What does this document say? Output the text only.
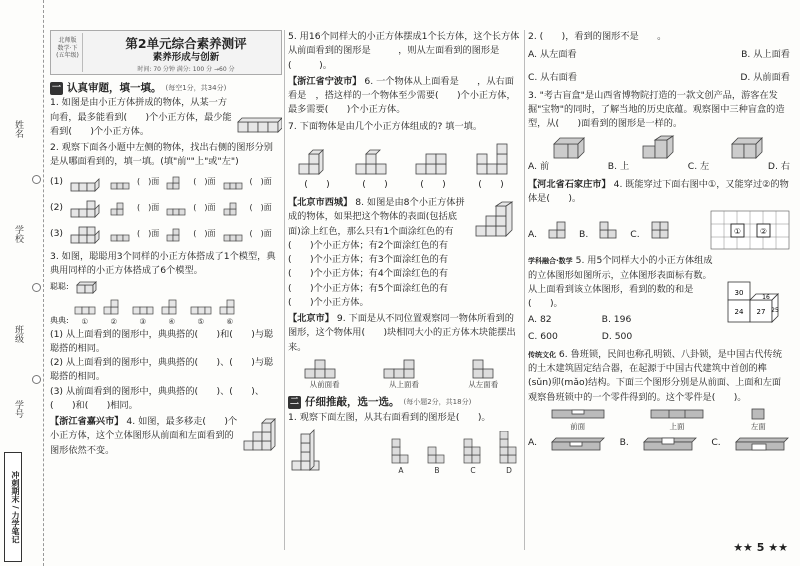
姓名
学校
班级
学号
冲刺期末 / 力学笔记
北师版
数学·下
(五年级)
第2单元综合素养测评
素养形成与创新
时间: 70 分钟 满分: 100 分 →60 分
一 认真审题，填一填。 (每空1分，共34分)
1. 如图是由小正方体拼成的物体，从某一方向看，最多能看到(　　)个小正方体，最少能看到(　　)个小正方体。
2. 观察下面各小题中左侧的物体，找出右侧的图形分别是从哪面看到的，填一填。(填"前""上"或"左")
(1)	(　)面	(　)面	(　)面
(2)	(　)面	(　)面	(　)面
(3)	(　)面	(　)面	(　)面
3. 如图，聪聪用3个同样的小正方体搭成了1个模型，典典用同样的小正方体搭成了6个模型。
聪聪:
典典:	①	②	③	④	⑤	⑥
(1) 从上面看到的图形中，典典搭的(　　)和(　　)与聪聪搭的相同。
(2) 从上面看到的图形中，典典搭的(　　)、(　　)与聪聪搭的相同。
(3) 从前面看到的图形中，典典搭的(　　)、(　　)、(　　)和(　　)相同。
【浙江省嘉兴市】 4. 如图，最多移走(　　)个小正方体，这个立体图形从前面和左面看到的图形依然不变。
5. 用16个同样大的小正方体摆成1个长方体，这个长方体从前面看到的图形是　　　，则从左面看到的图形是(　　　)。
【浙江省宁波市】 6. 一个物体从上面看是　　，从右面看是　，搭这样的一个物体至少需要(　　)个小正方体，最多需要(　　)个小正方体。
7. 下面物体是由几个小正方体组成的? 填一填。
(　　)	(　　)	(　　)	(　　)
【北京市西城】 8. 如图是由8个小正方体拼成的物体，如果把这个物体的表面(包括底面)涂上红色，那么只有1个面涂红色的有(　　)个小正方体；有2个面涂红色的有(　　)个小正方体；有3个面涂红色的有(　　)个小正方体；有4个面涂红色的有(　　)个小正方体；有5个面涂红色的有(　　)个小正方体。
【北京市】 9. 下面是从不同位置观察同一物体所看到的图形，这个物体用(　　)块相同大小的正方体木块能摆出来。
从前面看	从上面看	从左面看
二 仔细推敲，选一选。 (每小题2分，共18分)
1. 观察下面左图，从其右面看到的图形是(　　)。
A	B	C	D
2. (　　)，看到的图形不是　　。
A. 从左面看	B. 从上面看
C. 从右面看	D. 从前面看
3. "考古盲盒"是山西省博物院打造的一款文创产品，游客在发掘"宝物"的同时，了解当地的历史底蕴。观察图中三种盲盒的造型，从(　　)面看到的图形是一样的。
A. 前	B. 上	C. 左	D. 右
【河北省石家庄市】 4. 既能穿过下面右图中①，又能穿过②的物体是(　　)。
A.	B.	C.	① ②
学科融合·数学 5. 用5个同样大小的小正方体组成的立体图形如图所示，立体图形表面标有数。从上面看到该立体图形，看到的数的和是(　　)。
30
24 27 25
16
A. 82	B. 196
C. 600	D. 500
传统文化 6. 鲁班锁，民间也称孔明锁、八卦锁，是中国古代传统的土木建筑固定结合器，在起源于中国古代建筑中首创的榫(sǔn)卯(mǎo)结构。下面三个图形分别是从前面、上面和左面观察鲁班锁中的一个零件得到的。这个零件是(　　)。
前面	上面	左面
A.	B.	C.
★★ 5 ★★
